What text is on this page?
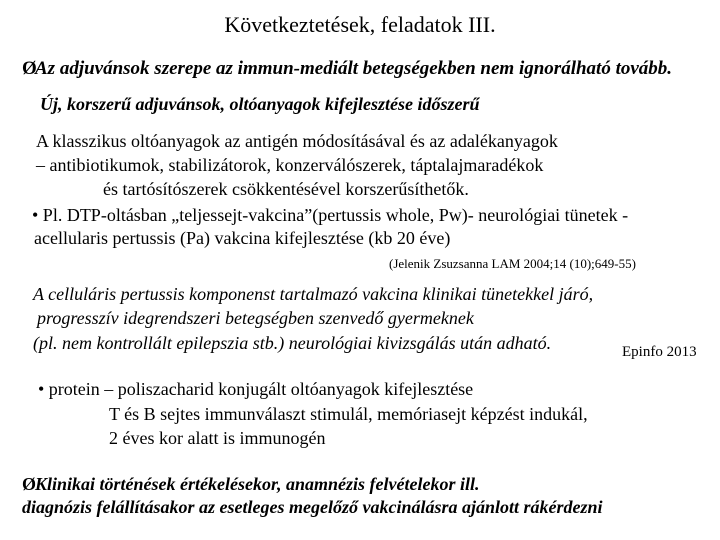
Következtetések, feladatok III.
ØAz adjuvánsok szerepe az immun-mediált betegségekben nem ignorálható tovább.
Új, korszerű adjuvánsok, oltóanyagok kifejlesztése időszerű
A klasszikus oltóanyagok az antigén módosításával és az adalékanyagok
– antibiotikumok, stabilizátorok, konzerválószerek, táptalajmaradékok
és tartósítószerek csökkentésével korszerűsíthetők.
• Pl. DTP-oltásban „teljessejt-vakcina”(pertussis whole, Pw)- neurológiai tünetek -
acellularis pertussis (Pa) vakcina kifejlesztése (kb 20 éve)
(Jelenik Zsuzsanna LAM 2004;14 (10);649-55)
A celluláris pertussis komponenst tartalmazó vakcina klinikai tünetekkel járó,
progresszív idegrendszeri betegségben szenvedő gyermeknek
(pl. nem kontrollált epilepszia stb.) neurológiai kivizsgálás után adható.	Epinfo 2013
• protein – poliszacharid konjugált oltóanyagok kifejlesztése
T és B sejtes immunválaszt stimulál, memóriasejt képzést indukál,
2 éves kor alatt is immunogén
ØKlinikai történések értékelésekor, anamnézis felvételekor ill.
diagnózis felállításakor az esetleges megelőző vakcinálásra ajánlott rákérdezni
